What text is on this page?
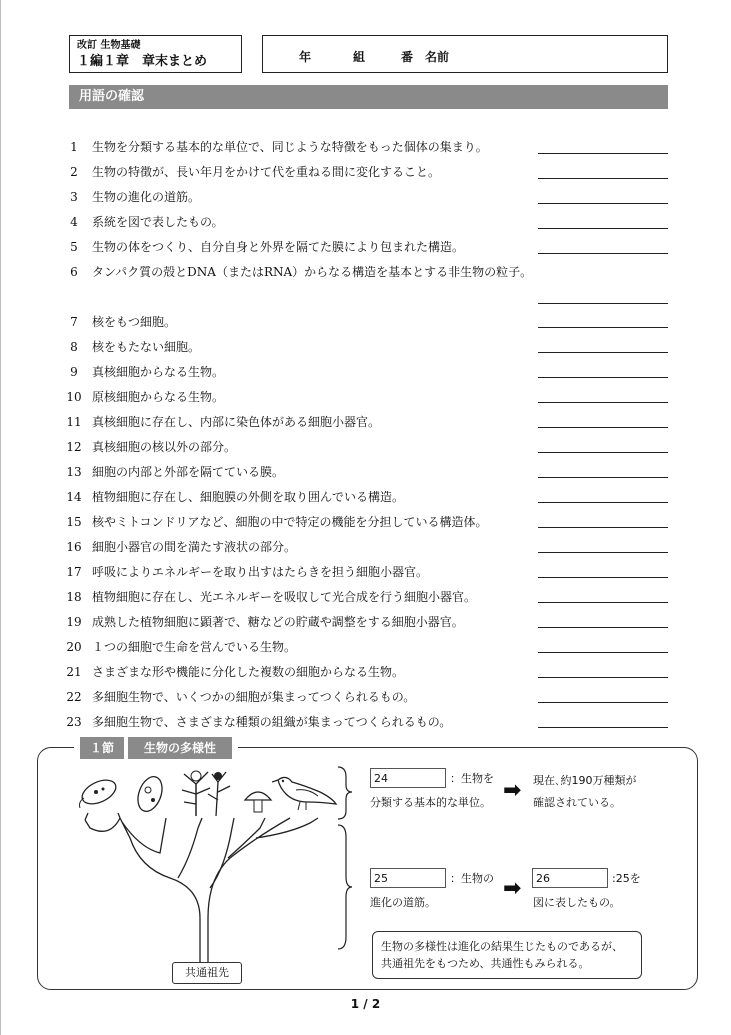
改訂 生物基礎
１編１章　章末まとめ	年	組	番 名前
用語の確認
1 生物を分類する基本的な単位で、同じような特徴をもった個体の集まり。
2 生物の特徴が、長い年月をかけて代を重ねる間に変化すること。
3 生物の進化の道筋。
4 系統を図で表したもの。
5 生物の体をつくり、自分自身と外界を隔てた膜により包まれた構造。
6 タンパク質の殻とDNA（またはRNA）からなる構造を基本とする非生物の粒子。
7 核をもつ細胞。
8 核をもたない細胞。
9 真核細胞からなる生物。
10 原核細胞からなる生物。
11 真核細胞に存在し、内部に染色体がある細胞小器官。
12 真核細胞の核以外の部分。
13 細胞の内部と外部を隔てている膜。
14 植物細胞に存在し、細胞膜の外側を取り囲んでいる構造。
15 核やミトコンドリアなど、細胞の中で特定の機能を分担している構造体。
16 細胞小器官の間を満たす液状の部分。
17 呼吸によりエネルギーを取り出すはたらきを担う細胞小器官。
18 植物細胞に存在し、光エネルギーを吸収して光合成を行う細胞小器官。
19 成熟した植物細胞に顕著で、糖などの貯蔵や調整をする細胞小器官。
20 １つの細胞で生命を営んでいる生物。
21 さまざまな形や機能に分化した複数の細胞からなる生物。
22 多細胞生物で、いくつかの細胞が集まってつくられるもの。
23 多細胞生物で、さまざまな種類の組織が集まってつくられるもの。
１節	生物の多様性
共通祖先
24	：生物を
分類する基本的な単位。 ➡ 現在､約190万種類が
確認されている｡
25	：生物の
進化の道筋。
➡	26	:25を
図に表したもの。
生物の多様性は進化の結果生じたものであるが、
共通祖先をもつため、共通性もみられる。
1 / 2
